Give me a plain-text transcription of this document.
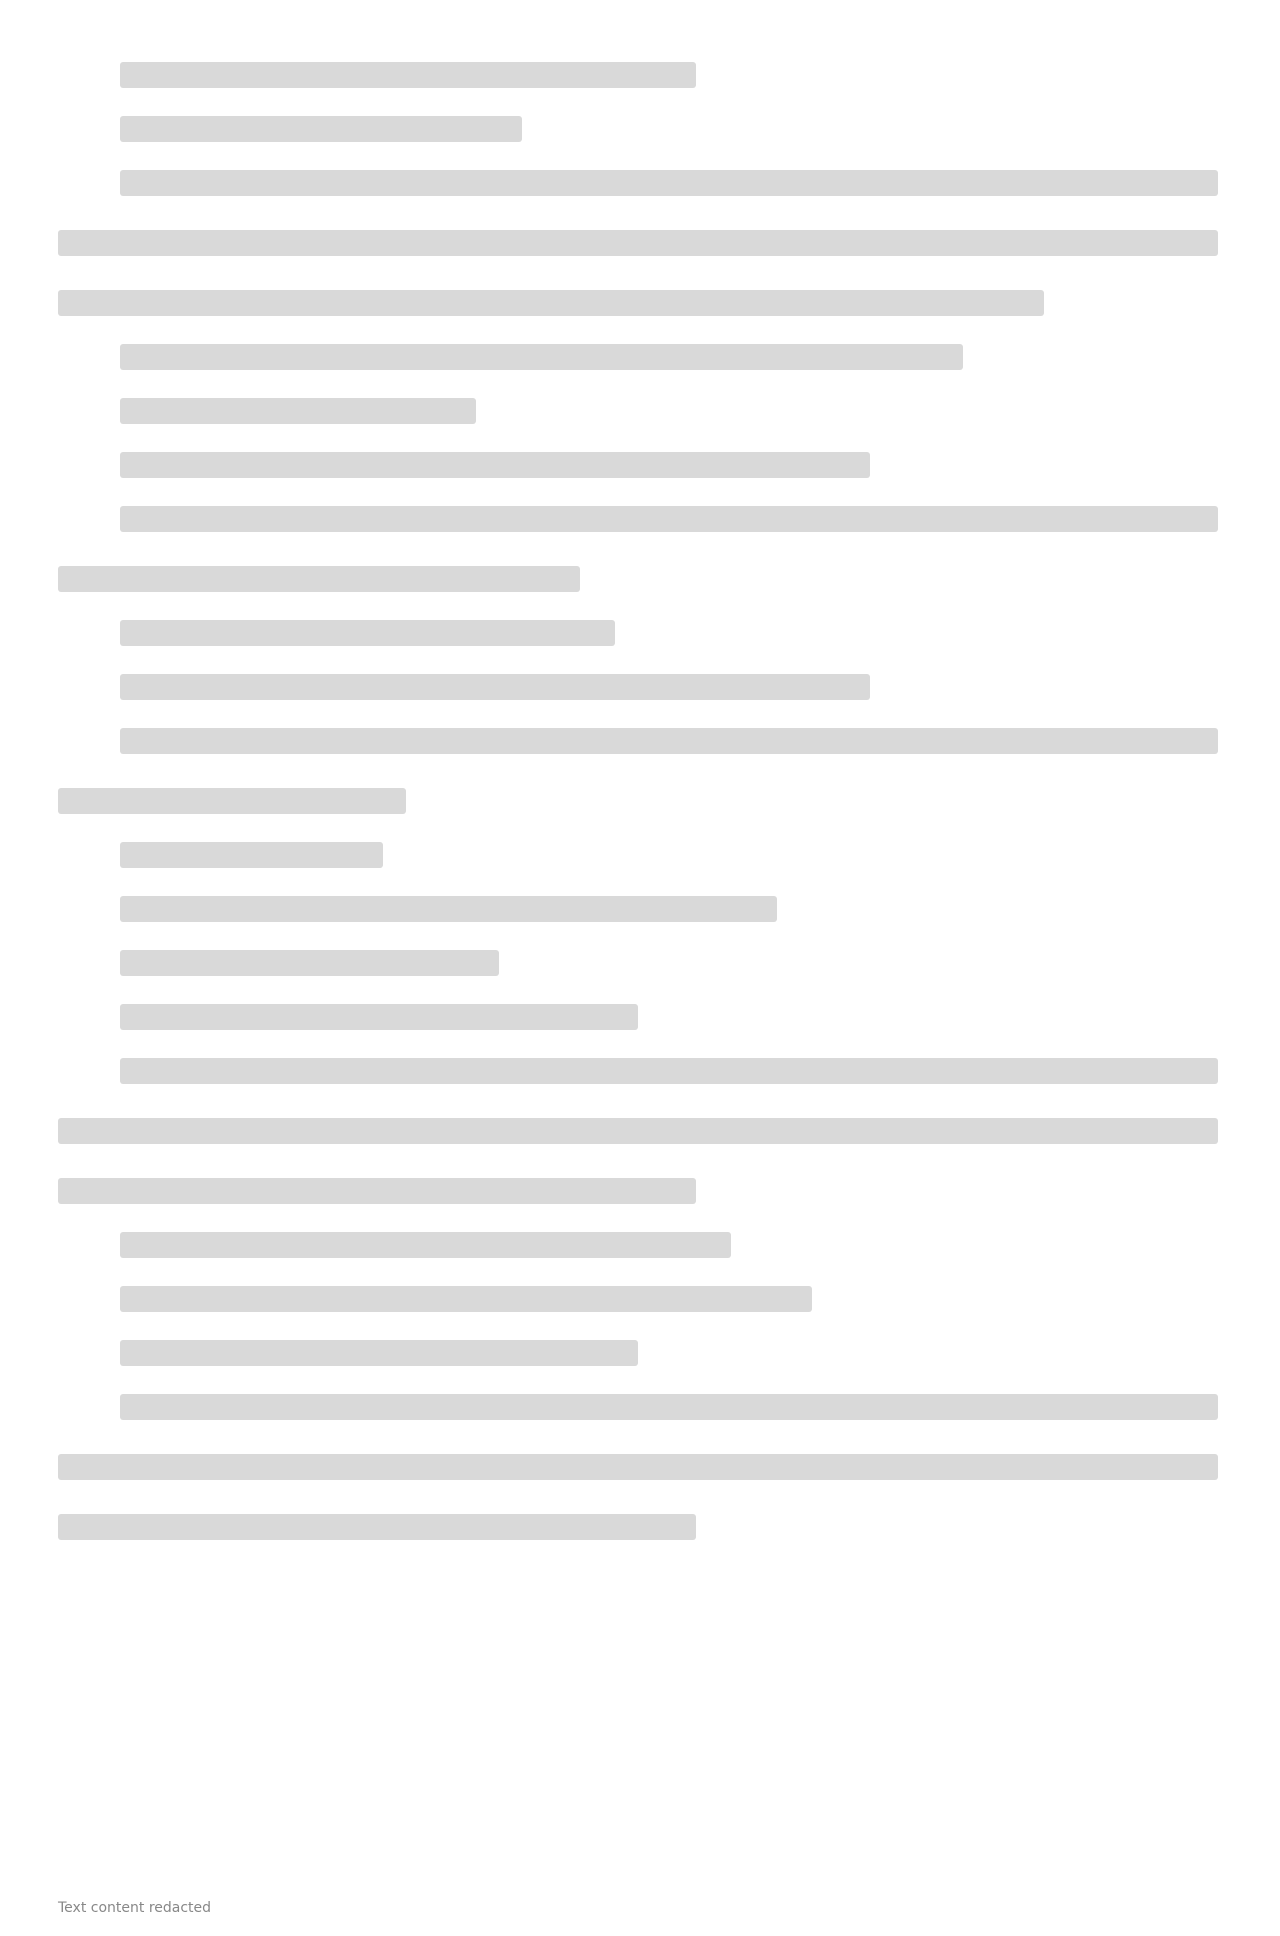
Text content redacted
